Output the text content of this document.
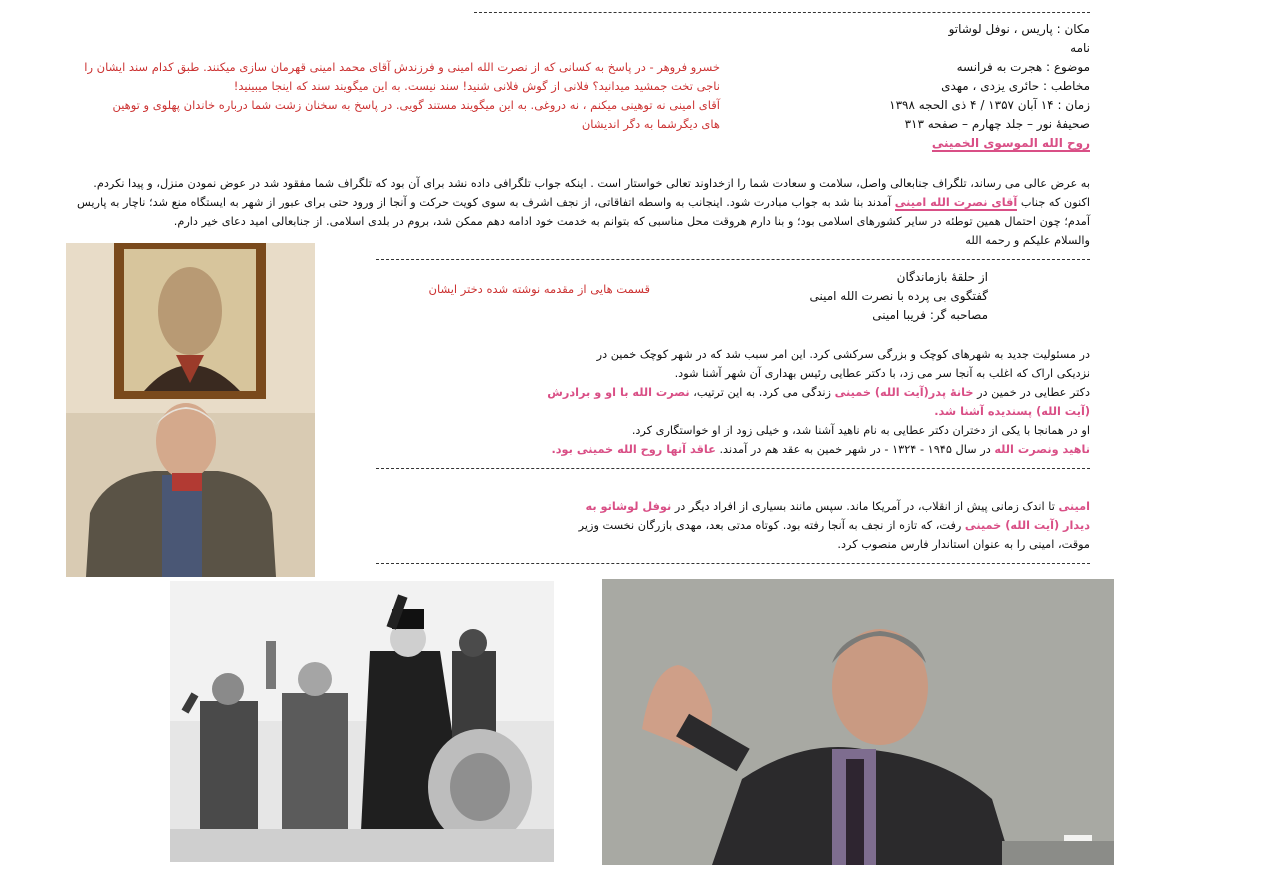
مکان : پاریس ، نوفل لوشاتو
نامه
موضوع : هجرت به فرانسه
مخاطب : حائری یزدی ، مهدی
زمان : ۱۴ آبان ۱۳۵۷ / ۴ ذی الحجه ۱۳۹۸
صحیفهٔ نور – جلد چهارم – صفحه ۳۱۳
روح الله الموسوی الخمینی
خسرو فروهر - در پاسخ به کسانی که از نصرت الله امینی و فرزندش آقای محمد امینی قهرمان سازی میکنند. طبق کدام سند ایشان را
ناجی تخت جمشید میدانید؟ فلانی از گوش فلانی شنید! سند نیست. به این میگویند سند که اینجا میبینید!
آقای امینی نه توهینی میکنم ، نه دروغی. به این میگویند مستند گویی. در پاسخ به سخنان زشت شما درباره خاندان پهلوی و توهین
های دیگرشما به دگر اندیشان
به عرض عالی می رساند، تلگراف جنابعالی واصل، سلامت و سعادت شما را ازخداوند تعالی خواستار است . اینکه جواب تلگرافی داده نشد برای آن بود که تلگراف شما مفقود شد در عوض نمودن منزل، و پیدا نکردم.
اکنون که جناب آقای نصرت الله امینی آمدند بنا شد به جواب مبادرت شود. اینجانب به واسطه اتفاقاتی، از نجف اشرف به سوی کویت حرکت و آنجا از ورود حتی برای عبور از شهر به ایستگاه منع شد؛ ناچار به پاریس
آمدم؛ چون احتمال همین توطئه در سایر کشورهای اسلامی بود؛ و بنا دارم هروقت محل مناسبی که بتوانم به خدمت خود ادامه دهم ممکن شد، بروم در بلدی اسلامی. از جنابعالی امید دعای خیر دارم.
والسلام علیکم و رحمه الله
از حلقهٔ بازماندگان
گفتگوی بی پرده با نصرت الله امینی
مصاحبه گر: فریبا امینی
قسمت هایی از مقدمه نوشته شده دختر ایشان
در مسئولیت جدید به شهرهای کوچک و بزرگی سرکشی کرد. این امر سبب شد که در شهر کوچک خمین در
نزدیکی اراک که اغلب به آنجا سر می زد، با دکتر عطایی رئیس بهداری آن شهر آشنا شود.
دکتر عطایی در خمین در خانهٔ پدر(آیت الله) خمینی زندگی می کرد. به این ترتیب، نصرت الله با او و برادرش
(آیت الله) پسندیده آشنا شد.
او در همانجا با یکی از دختران دکتر عطایی به نام ناهید آشنا شد، و خیلی زود از او خواستگاری کرد.
ناهید ونصرت الله در سال ۱۹۴۵ - ۱۳۲۴ - در شهر خمین به عقد هم در آمدند. عاقد آنها روح الله خمینی بود.
امینی تا اندک زمانی پیش از انقلاب، در آمریکا ماند. سپس مانند بسیاری از افراد دیگر در نوفل لوشاتو به
دیدار (آیت الله) خمینی رفت، که تازه از نجف به آنجا رفته بود. کوتاه مدتی بعد، مهدی بازرگان نخست وزیر
موقت، امینی را به عنوان استاندار فارس منصوب کرد.
